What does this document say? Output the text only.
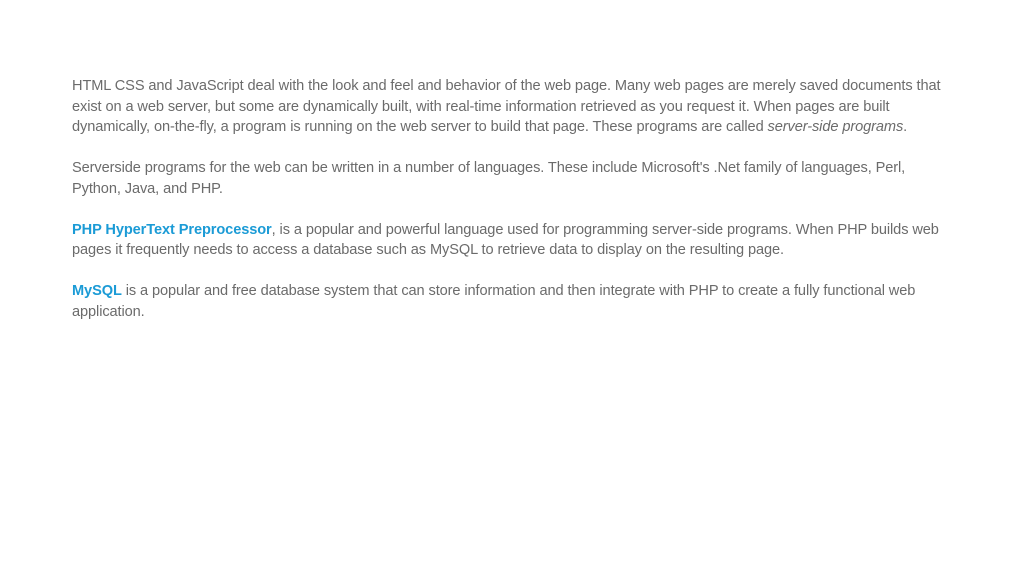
HTML CSS and JavaScript deal with the look and feel and behavior of the web page. Many web pages are merely saved documents that exist on a web server, but some are dynamically built, with real-time information retrieved as you request it. When pages are built dynamically, on-the-fly, a program is running on the web server to build that page. These programs are called server-side programs.

Serverside programs for the web can be written in a number of languages. These include Microsoft's .Net family of languages, Perl, Python, Java, and PHP.

PHP HyperText Preprocessor, is a popular and powerful language used for programming server-side programs. When PHP builds web pages it frequently needs to access a database such as MySQL to retrieve data to display on the resulting page.

MySQL is a popular and free database system that can store information and then integrate with PHP to create a fully functional web application.
